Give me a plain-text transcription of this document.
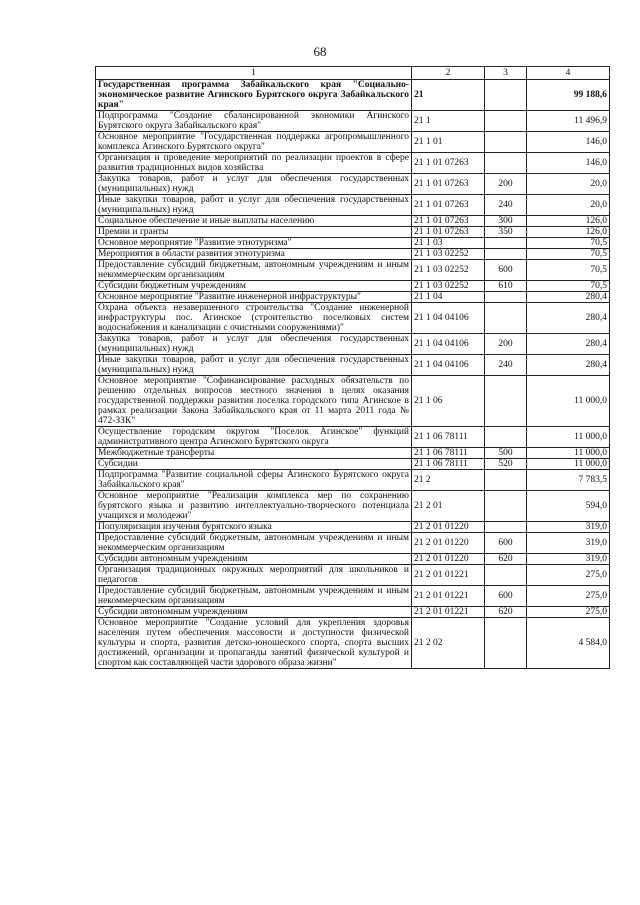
68
1	2	3	4
Государственная программа Забайкальского края "Социально-экономическое развитие Агинского Бурятского округа Забайкальского края"	21		99 188,6
Подпрограмма "Создание сбалансированной экономики Агинского Бурятского округа Забайкальского края"	21 1		11 496,9
Основное мероприятие "Государственная поддержка агропромышленного комплекса Агинского Бурятского округа"	21 1 01		146,0
Организация и проведение мероприятий по реализации проектов в сфере развития традиционных видов хозяйства	21 1 01 07263		146,0
Закупка товаров, работ и услуг для обеспечения государственных (муниципальных) нужд	21 1 01 07263	200	20,0
Иные закупки товаров, работ и услуг для обеспечения государственных (муниципальных) нужд	21 1 01 07263	240	20,0
Социальное обеспечение и иные выплаты населению	21 1 01 07263	300	126,0
Премии и гранты	21 1 01 07263	350	126,0
Основное мероприятие "Развитие этнотуризма"	21 1 03		70,5
Мероприятия в области развития этнотуризма	21 1 03 02252		70,5
Предоставление субсидий бюджетным, автономным учреждениям и иным некоммерческим организациям	21 1 03 02252	600	70,5
Субсидии бюджетным учреждениям	21 1 03 02252	610	70,5
Основное мероприятие "Развитие инженерной инфраструктуры"	21 1 04		280,4
Охрана объекта незавершенного строительства "Создание инженерной инфраструктуры пос. Агинское (строительство поселковых систем водоснабжения и канализации с очистными сооружениями)"	21 1 04 04106		280,4
Закупка товаров, работ и услуг для обеспечения государственных (муниципальных) нужд	21 1 04 04106	200	280,4
Иные закупки товаров, работ и услуг для обеспечения государственных (муниципальных) нужд	21 1 04 04106	240	280,4
Основное мероприятие "Софинансирование расходных обязательств по решению отдельных вопросов местного значения в целях оказания государственной поддержки развития поселка городского типа Агинское в рамках реализации Закона Забайкальского края от 11 марта 2011 года № 472-ЗЗК"	21 1 06		11 000,0
Осуществление городским округом "Поселок Агинское" функций административного центра Агинского Бурятского округа	21 1 06 78111		11 000,0
Межбюджетные трансферты	21 1 06 78111	500	11 000,0
Субсидии	21 1 06 78111	520	11 000,0
Подпрограмма "Развитие социальной сферы Агинского Бурятского округа Забайкальского края"	21 2		7 783,5
Основное мероприятие "Реализация комплекса мер по сохранению бурятского языка и развитию интеллектуально-творческого потенциала учащихся и молодежи"	21 2 01		594,0
Популяризация изучения бурятского языка	21 2 01 01220		319,0
Предоставление субсидий бюджетным, автономным учреждениям и иным некоммерческим организациям	21 2 01 01220	600	319,0
Субсидии автономным учреждениям	21 2 01 01220	620	319,0
Организация традиционных окружных мероприятий для школьников и педагогов	21 2 01 01221		275,0
Предоставление субсидий бюджетным, автономным учреждениям и иным некоммерческим организациям	21 2 01 01221	600	275,0
Субсидии автономным учреждениям	21 2 01 01221	620	275,0
Основное мероприятие "Создание условий для укрепления здоровья населения путем обеспечения массовости и доступности физической культуры и спорта, развития детско-юношеского спорта, спорта высших достижений, организации и пропаганды занятий физической культурой и спортом как составляющей части здорового образа жизни"	21 2 02		4 584,0
